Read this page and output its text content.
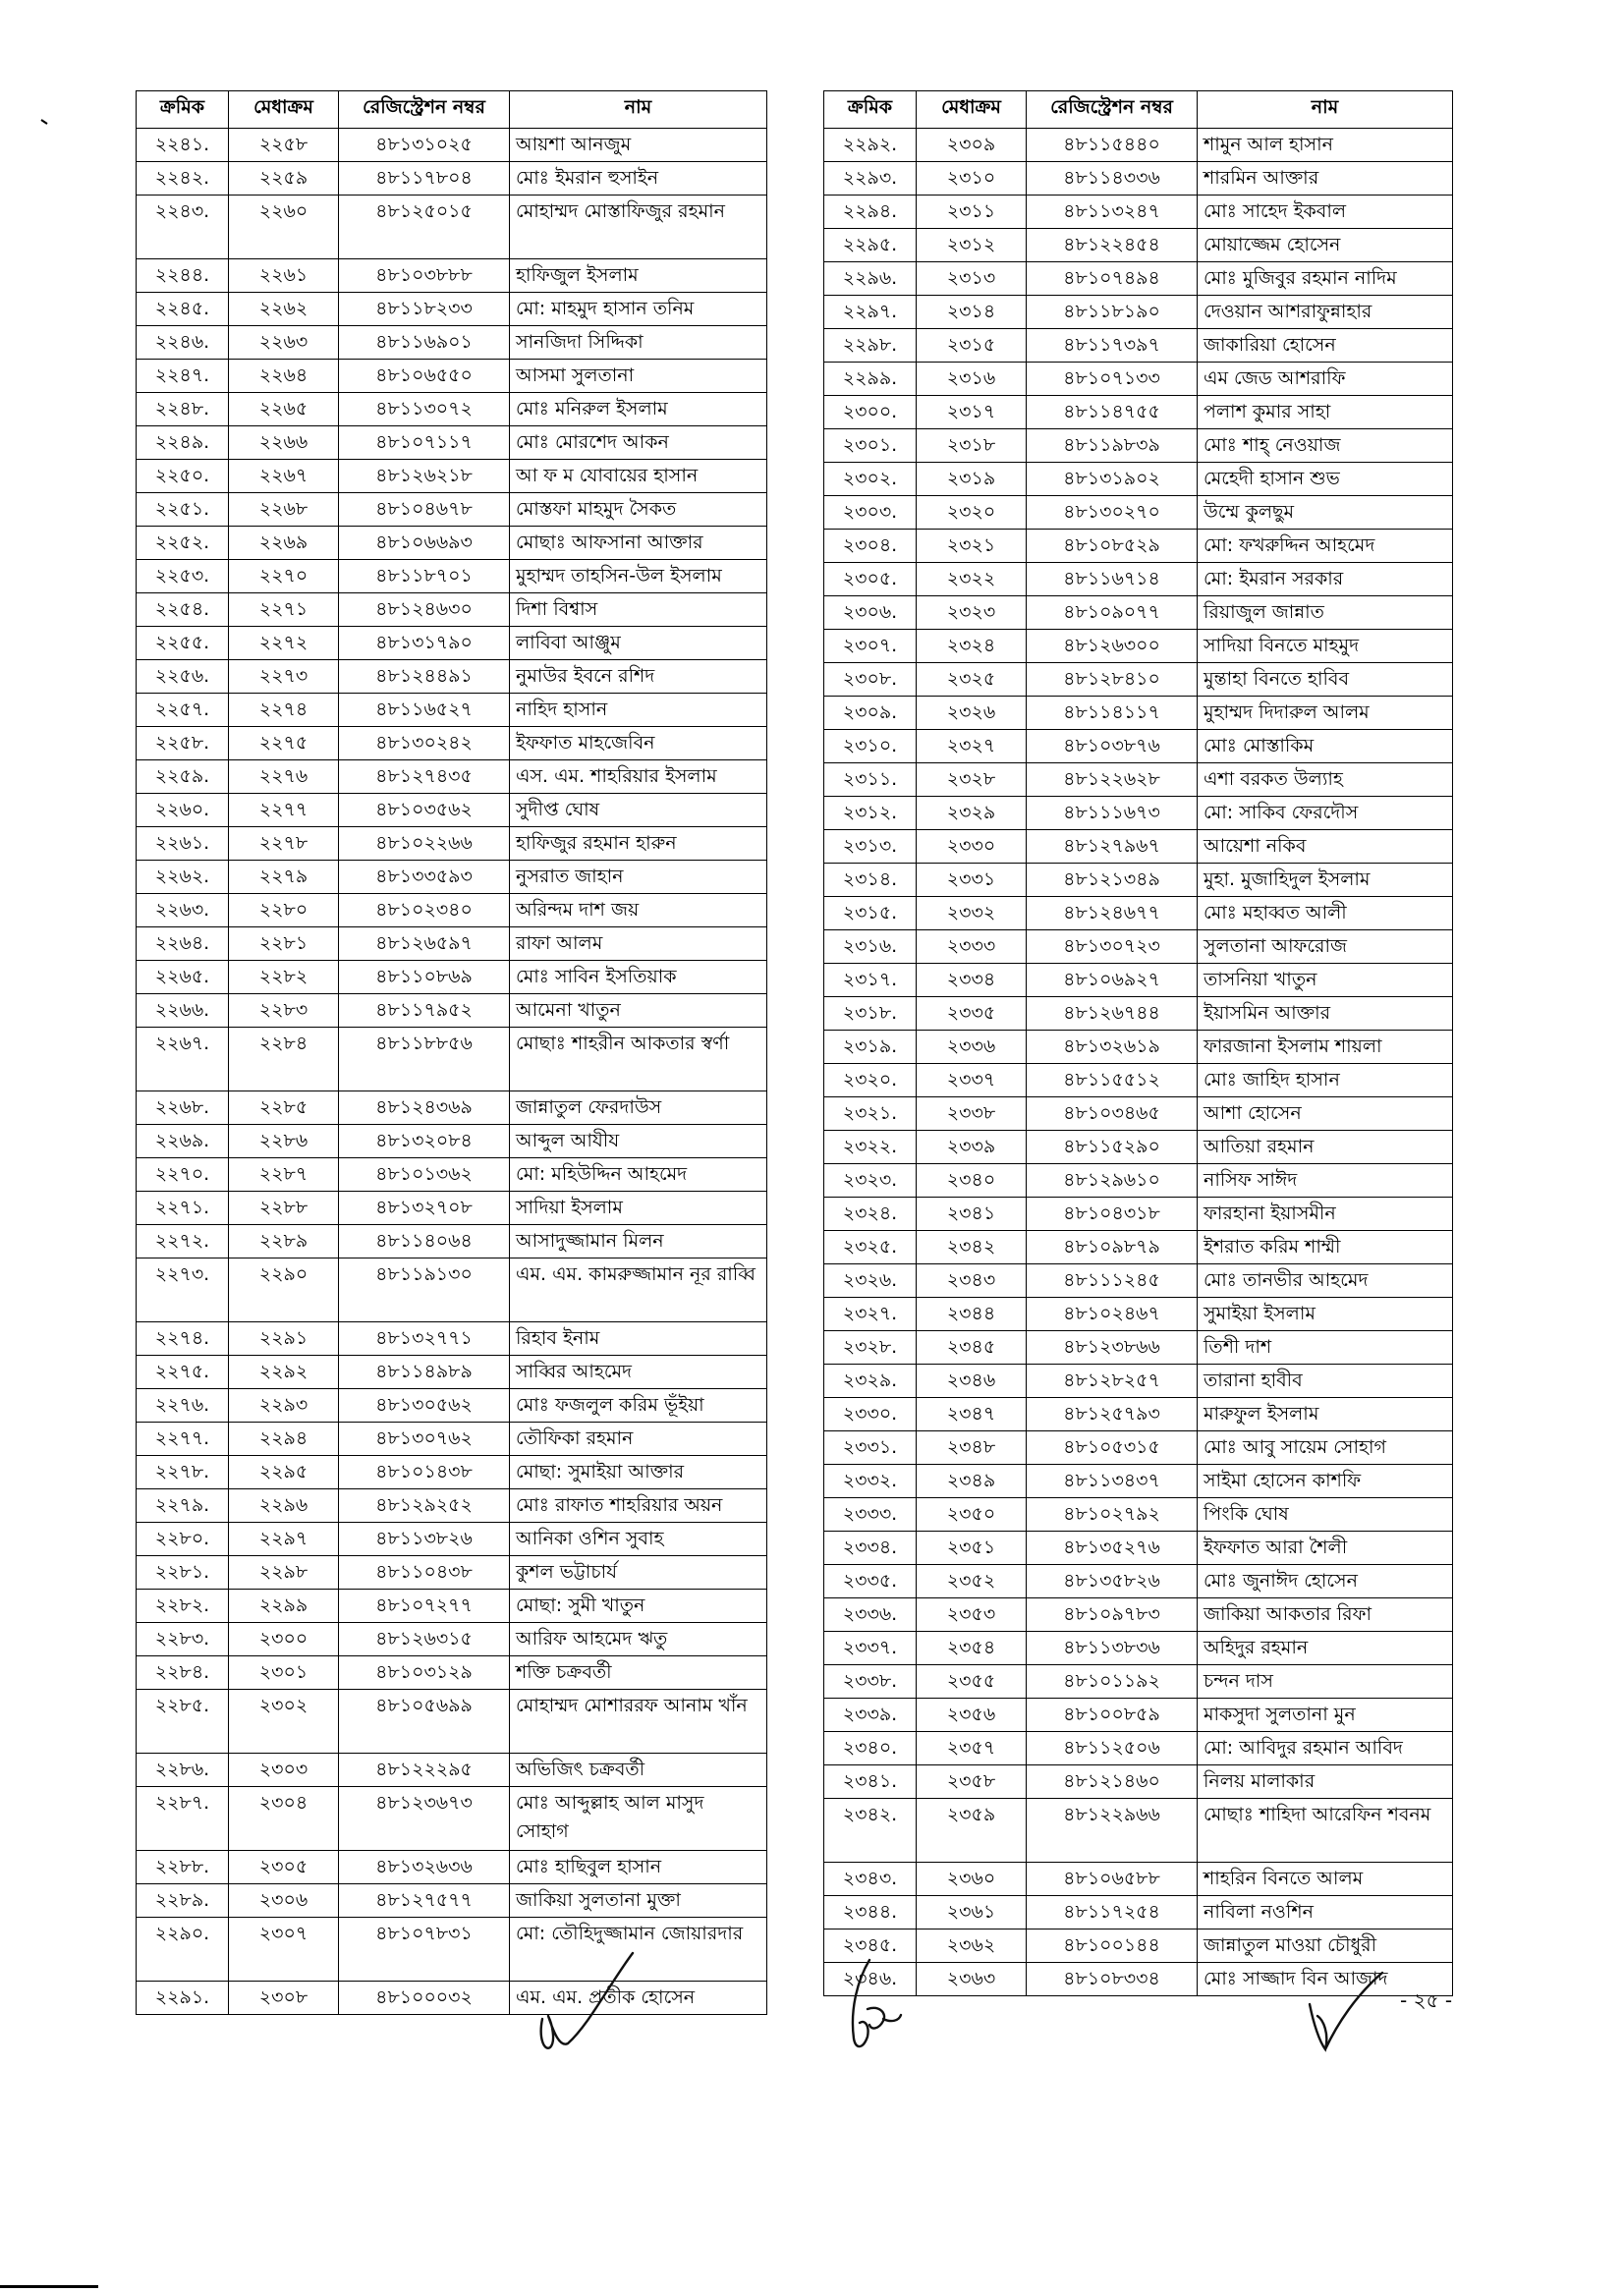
ক্রমিক	মেধাক্রম	রেজিস্ট্রেশন নম্বর	নাম
২২৪১.	২২৫৮	৪৮১৩১০২৫	আয়শা আনজুম
২২৪২.	২২৫৯	৪৮১১৭৮০৪	মোঃ ইমরান হুসাইন
২২৪৩.	২২৬০	৪৮১২৫০১৫	মোহাম্মদ মোস্তাফিজুর রহমান
২২৪৪.	২২৬১	৪৮১০৩৮৮৮	হাফিজুল ইসলাম
২২৪৫.	২২৬২	৪৮১১৮২৩৩	মো: মাহমুদ হাসান তনিম
২২৪৬.	২২৬৩	৪৮১১৬৯০১	সানজিদা সিদ্দিকা
২২৪৭.	২২৬৪	৪৮১০৬৫৫০	আসমা সুলতানা
২২৪৮.	২২৬৫	৪৮১১৩০৭২	মোঃ মনিরুল ইসলাম
২২৪৯.	২২৬৬	৪৮১০৭১১৭	মোঃ মোরশেদ আকন
২২৫০.	২২৬৭	৪৮১২৬২১৮	আ ফ ম যোবায়ের হাসান
২২৫১.	২২৬৮	৪৮১০৪৬৭৮	মোস্তফা মাহমুদ সৈকত
২২৫২.	২২৬৯	৪৮১০৬৬৯৩	মোছাঃ আফসানা আক্তার
২২৫৩.	২২৭০	৪৮১১৮৭০১	মুহাম্মদ তাহসিন-উল ইসলাম
২২৫৪.	২২৭১	৪৮১২৪৬৩০	দিশা বিশ্বাস
২২৫৫.	২২৭২	৪৮১৩১৭৯০	লাবিবা আঞ্জুম
২২৫৬.	২২৭৩	৪৮১২৪৪৯১	নুমাউর ইবনে রশিদ
২২৫৭.	২২৭৪	৪৮১১৬৫২৭	নাহিদ হাসান
২২৫৮.	২২৭৫	৪৮১৩০২৪২	ইফফাত মাহজেবিন
২২৫৯.	২২৭৬	৪৮১২৭৪৩৫	এস. এম. শাহরিয়ার ইসলাম
২২৬০.	২২৭৭	৪৮১০৩৫৬২	সুদীপ্ত ঘোষ
২২৬১.	২২৭৮	৪৮১০২২৬৬	হাফিজুর রহমান হারুন
২২৬২.	২২৭৯	৪৮১৩৩৫৯৩	নুসরাত জাহান
২২৬৩.	২২৮০	৪৮১০২৩৪০	অরিন্দম দাশ জয়
২২৬৪.	২২৮১	৪৮১২৬৫৯৭	রাফা আলম
২২৬৫.	২২৮২	৪৮১১০৮৬৯	মোঃ সাবিন ইসতিয়াক
২২৬৬.	২২৮৩	৪৮১১৭৯৫২	আমেনা খাতুন
২২৬৭.	২২৮৪	৪৮১১৮৮৫৬	মোছাঃ শাহরীন আকতার স্বর্ণা
২২৬৮.	২২৮৫	৪৮১২৪৩৬৯	জান্নাতুল ফেরদাউস
২২৬৯.	২২৮৬	৪৮১৩২০৮৪	আব্দুল আযীয
২২৭০.	২২৮৭	৪৮১০১৩৬২	মো: মহিউদ্দিন আহমেদ
২২৭১.	২২৮৮	৪৮১৩২৭০৮	সাদিয়া ইসলাম
২২৭২.	২২৮৯	৪৮১১৪০৬৪	আসাদুজ্জামান মিলন
২২৭৩.	২২৯০	৪৮১১৯১৩০	এম. এম. কামরুজ্জামান নূর রাব্বি
২২৭৪.	২২৯১	৪৮১৩২৭৭১	রিহাব ইনাম
২২৭৫.	২২৯২	৪৮১১৪৯৮৯	সাব্বির আহমেদ
২২৭৬.	২২৯৩	৪৮১৩০৫৬২	মোঃ ফজলুল করিম ভূঁইয়া
২২৭৭.	২২৯৪	৪৮১৩০৭৬২	তৌফিকা রহমান
২২৭৮.	২২৯৫	৪৮১০১৪৩৮	মোছা: সুমাইয়া আক্তার
২২৭৯.	২২৯৬	৪৮১২৯২৫২	মোঃ রাফাত শাহরিয়ার অয়ন
২২৮০.	২২৯৭	৪৮১১৩৮২৬	আনিকা ওশিন সুবাহ
২২৮১.	২২৯৮	৪৮১১০৪৩৮	কুশল ভট্টাচার্য
২২৮২.	২২৯৯	৪৮১০৭২৭৭	মোছা: সুমী খাতুন
২২৮৩.	২৩০০	৪৮১২৬৩১৫	আরিফ আহমেদ ঋতু
২২৮৪.	২৩০১	৪৮১০৩১২৯	শক্তি চক্রবর্তী
২২৮৫.	২৩০২	৪৮১০৫৬৯৯	মোহাম্মদ মোশাররফ আনাম খাঁন
২২৮৬.	২৩০৩	৪৮১২২২৯৫	অভিজিৎ চক্রবর্তী
২২৮৭.	২৩০৪	৪৮১২৩৬৭৩	মোঃ আব্দুল্লাহ আল মাসুদ সোহাগ
২২৮৮.	২৩০৫	৪৮১৩২৬৩৬	মোঃ হাছিবুল হাসান
২২৮৯.	২৩০৬	৪৮১২৭৫৭৭	জাকিয়া সুলতানা মুক্তা
২২৯০.	২৩০৭	৪৮১০৭৮৩১	মো: তৌহিদুজ্জামান জোয়ারদার
২২৯১.	২৩০৮	৪৮১০০০৩২	এম. এম. প্রতীক হোসেন
ক্রমিক	মেধাক্রম	রেজিস্ট্রেশন নম্বর	নাম
২২৯২.	২৩০৯	৪৮১১৫৪৪০	শামুন আল হাসান
২২৯৩.	২৩১০	৪৮১১৪৩৩৬	শারমিন আক্তার
২২৯৪.	২৩১১	৪৮১১৩২৪৭	মোঃ সাহেদ ইকবাল
২২৯৫.	২৩১২	৪৮১২২৪৫৪	মোয়াজ্জেম হোসেন
২২৯৬.	২৩১৩	৪৮১০৭৪৯৪	মোঃ মুজিবুর রহমান নাদিম
২২৯৭.	২৩১৪	৪৮১১৮১৯০	দেওয়ান আশরাফুন্নাহার
২২৯৮.	২৩১৫	৪৮১১৭৩৯৭	জাকারিয়া হোসেন
২২৯৯.	২৩১৬	৪৮১০৭১৩৩	এম জেড আশরাফি
২৩০০.	২৩১৭	৪৮১১৪৭৫৫	পলাশ কুমার সাহা
২৩০১.	২৩১৮	৪৮১১৯৮৩৯	মোঃ শাহ্ নেওয়াজ
২৩০২.	২৩১৯	৪৮১৩১৯০২	মেহেদী হাসান শুভ
২৩০৩.	২৩২০	৪৮১৩০২৭০	উম্মে কুলছুম
২৩০৪.	২৩২১	৪৮১০৮৫২৯	মো: ফখরুদ্দিন আহমেদ
২৩০৫.	২৩২২	৪৮১১৬৭১৪	মো: ইমরান সরকার
২৩০৬.	২৩২৩	৪৮১০৯০৭৭	রিয়াজুল জান্নাত
২৩০৭.	২৩২৪	৪৮১২৬৩০০	সাদিয়া বিনতে মাহমুদ
২৩০৮.	২৩২৫	৪৮১২৮৪১০	মুন্তাহা বিনতে হাবিব
২৩০৯.	২৩২৬	৪৮১১৪১১৭	মুহাম্মদ দিদারুল আলম
২৩১০.	২৩২৭	৪৮১০৩৮৭৬	মোঃ মোস্তাকিম
২৩১১.	২৩২৮	৪৮১২২৬২৮	এশা বরকত উল্যাহ
২৩১২.	২৩২৯	৪৮১১১৬৭৩	মো: সাকিব ফেরদৌস
২৩১৩.	২৩৩০	৪৮১২৭৯৬৭	আয়েশা নকিব
২৩১৪.	২৩৩১	৪৮১২১৩৪৯	মুহা. মুজাহিদুল ইসলাম
২৩১৫.	২৩৩২	৪৮১২৪৬৭৭	মোঃ মহাব্বত আলী
২৩১৬.	২৩৩৩	৪৮১৩০৭২৩	সুলতানা আফরোজ
২৩১৭.	২৩৩৪	৪৮১০৬৯২৭	তাসনিয়া খাতুন
২৩১৮.	২৩৩৫	৪৮১২৬৭৪৪	ইয়াসমিন আক্তার
২৩১৯.	২৩৩৬	৪৮১৩২৬১৯	ফারজানা ইসলাম শায়লা
২৩২০.	২৩৩৭	৪৮১১৫৫১২	মোঃ জাহিদ হাসান
২৩২১.	২৩৩৮	৪৮১০৩৪৬৫	আশা হোসেন
২৩২২.	২৩৩৯	৪৮১১৫২৯০	আতিয়া রহমান
২৩২৩.	২৩৪০	৪৮১২৯৬১০	নাসিফ সাঈদ
২৩২৪.	২৩৪১	৪৮১০৪৩১৮	ফারহানা ইয়াসমীন
২৩২৫.	২৩৪২	৪৮১০৯৮৭৯	ইশরাত করিম শাম্মী
২৩২৬.	২৩৪৩	৪৮১১১২৪৫	মোঃ তানভীর আহমেদ
২৩২৭.	২৩৪৪	৪৮১০২৪৬৭	সুমাইয়া ইসলাম
২৩২৮.	২৩৪৫	৪৮১২৩৮৬৬	তিশী দাশ
২৩২৯.	২৩৪৬	৪৮১২৮২৫৭	তারানা হাবীব
২৩৩০.	২৩৪৭	৪৮১২৫৭৯৩	মারুফুল ইসলাম
২৩৩১.	২৩৪৮	৪৮১০৫৩১৫	মোঃ আবু সায়েম সোহাগ
২৩৩২.	২৩৪৯	৪৮১১৩৪৩৭	সাইমা হোসেন কাশফি
২৩৩৩.	২৩৫০	৪৮১০২৭৯২	পিংকি ঘোষ
২৩৩৪.	২৩৫১	৪৮১৩৫২৭৬	ইফফাত আরা শৈলী
২৩৩৫.	২৩৫২	৪৮১৩৫৮২৬	মোঃ জুনাঈদ হোসেন
২৩৩৬.	২৩৫৩	৪৮১০৯৭৮৩	জাকিয়া আকতার রিফা
২৩৩৭.	২৩৫৪	৪৮১১৩৮৩৬	অহিদুর রহমান
২৩৩৮.	২৩৫৫	৪৮১০১১৯২	চন্দন দাস
২৩৩৯.	২৩৫৬	৪৮১০০৮৫৯	মাকসুদা সুলতানা মুন
২৩৪০.	২৩৫৭	৪৮১১২৫০৬	মো: আবিদুর রহমান আবিদ
২৩৪১.	২৩৫৮	৪৮১২১৪৬০	নিলয় মালাকার
২৩৪২.	২৩৫৯	৪৮১২২৯৬৬	মোছাঃ শাহিদা আরেফিন শবনম
২৩৪৩.	২৩৬০	৪৮১০৬৫৮৮	শাহরিন বিনতে আলম
২৩৪৪.	২৩৬১	৪৮১১৭২৫৪	নাবিলা নওশিন
২৩৪৫.	২৩৬২	৪৮১০০১৪৪	জান্নাতুল মাওয়া চৌধুরী
২৩৪৬.	২৩৬৩	৪৮১০৮৩৩৪	মোঃ সাজ্জাদ বিন আজাদ
- ২৫ -
